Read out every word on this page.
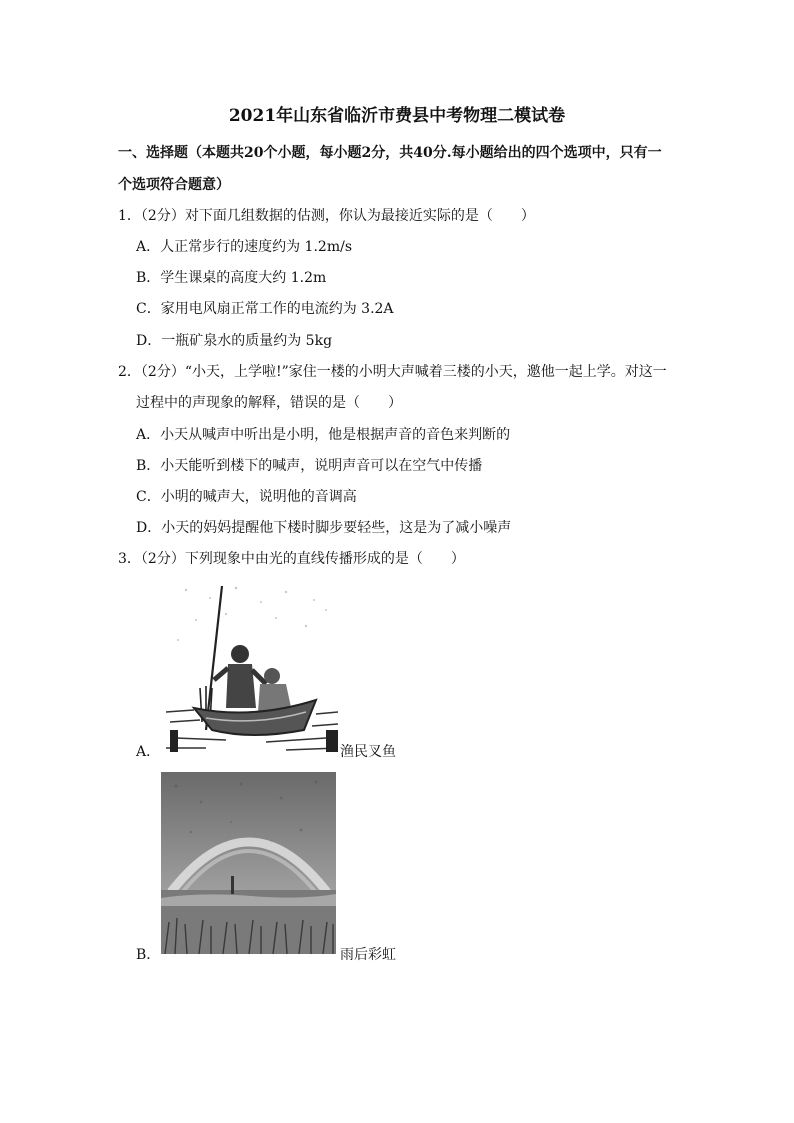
2021年山东省临沂市费县中考物理二模试卷
一、选择题（本题共20个小题，每小题2分，共40分.每小题给出的四个选项中，只有一
个选项符合题意）
1．（2分）对下面几组数据的估测，你认为最接近实际的是（　　）
A．人正常步行的速度约为 1.2m/s
B．学生课桌的高度大约 1.2m
C．家用电风扇正常工作的电流约为 3.2A
D．一瓶矿泉水的质量约为 5kg
2．（2分）“小天，上学啦!”家住一楼的小明大声喊着三楼的小天，邀他一起上学。对这一
过程中的声现象的解释，错误的是（　　）
A．小天从喊声中听出是小明，他是根据声音的音色来判断的
B．小天能听到楼下的喊声，说明声音可以在空气中传播
C．小明的喊声大，说明他的音调高
D．小天的妈妈提醒他下楼时脚步要轻些，这是为了减小噪声
3．（2分）下列现象中由光的直线传播形成的是（　　）
A．	渔民叉鱼
B．	雨后彩虹
